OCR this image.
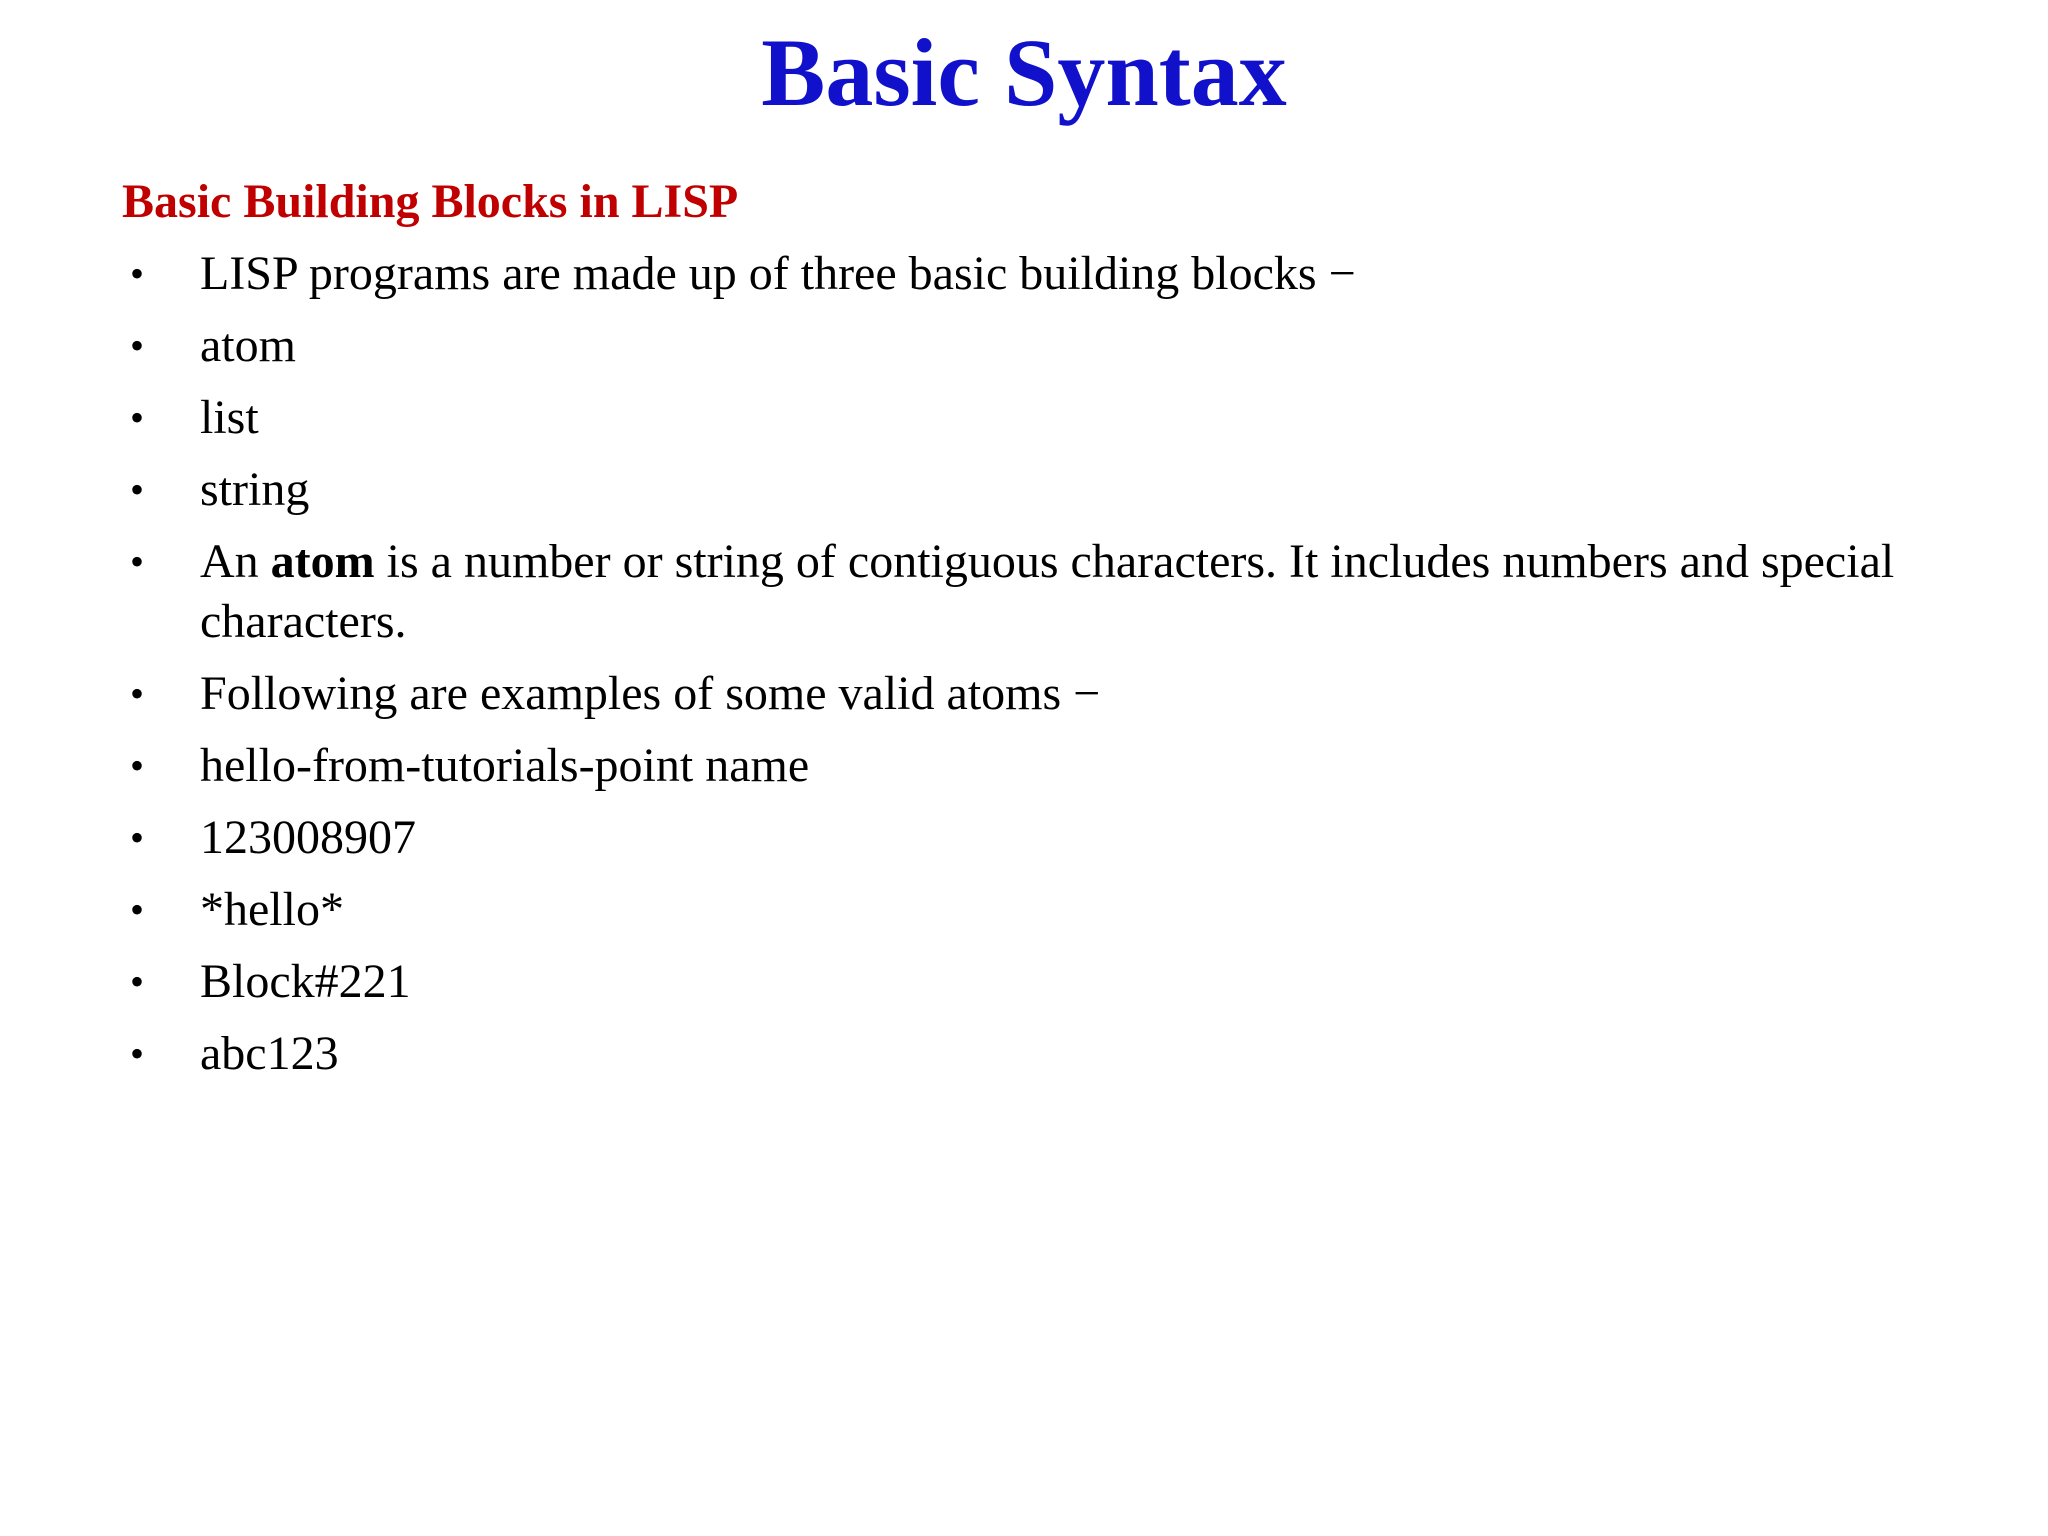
Basic Syntax
Basic Building Blocks in LISP
• LISP programs are made up of three basic building blocks −
• atom
• list
• string
• An atom is a number or string of contiguous characters. It includes numbers and special characters.
• Following are examples of some valid atoms −
• hello-from-tutorials-point name
• 123008907
• *hello*
• Block#221
• abc123
